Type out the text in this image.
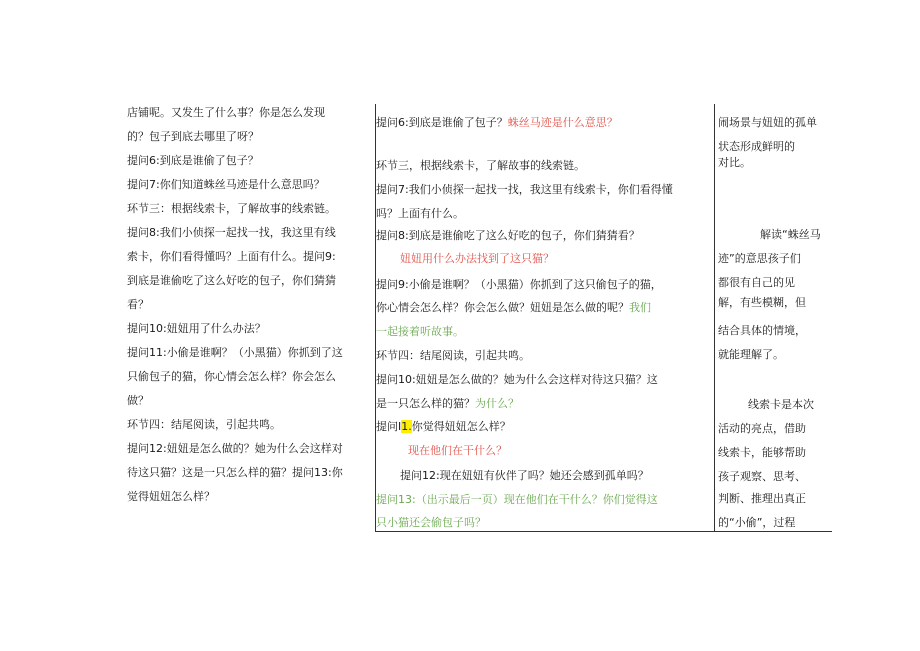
店铺呢。又发生了什么事？你是怎么发现
的？包子到底去哪里了呀？
提问6:到底是谁偷了包子？
提问7:你们知道蛛丝马迹是什么意思吗？
环节三：根据线索卡，了解故事的线索链。
提问8:我们小侦探一起找一找，我这里有线
索卡，你们看得懂吗？上面有什么。提问9:
到底是谁偷吃了这么好吃的包子，你们猜猜
看？
提问10:妞妞用了什么办法？
提问11:小偷是谁啊？（小黑猫）你抓到了这
只偷包子的猫，你心情会怎么样？你会怎么
做？
环节四：结尾阅读，引起共鸣。
提问12:妞妞是怎么做的？她为什么会这样对
待这只猫？这是一只怎么样的猫？提问13:你
觉得妞妞怎么样？
提问6:到底是谁偷了包子？蛛丝马迹是什么意思？
环节三，根据线索卡，了解故事的线索链。
提问7:我们小侦探一起找一找，我这里有线索卡，你们看得懂
吗？上面有什么。
提问8:到底是谁偷吃了这么好吃的包子，你们猜猜看？
妞妞用什么办法找到了这只猫？
提问9:小偷是谁啊？（小黑猫）你抓到了这只偷包子的猫，
你心情会怎么样？你会怎么做？妞妞是怎么做的呢？我们
一起接着听故事。
环节四：结尾阅读，引起共鸣。
提问10:妞妞是怎么做的？她为什么会这样对待这只猫？这
是一只怎么样的猫？为什么？
提问I1.你觉得妞妞怎么样？
现在他们在干什么？
提问12:现在妞妞有伙伴了吗？她还会感到孤单吗？
提问13:（出示最后一页）现在他们在干什么？你们觉得这
只小猫还会偷包子吗？
闹场景与妞妞的孤单
状态形成鲜明的
对比。
解读“蛛丝马
迹”的意思孩子们
都很有自己的见
解，有些模糊，但
结合具体的情境，
就能理解了。
线索卡是本次
活动的亮点，借助
线索卡，能够帮助
孩子观察、思考、
判断、推理出真正
的“小偷”，过程
